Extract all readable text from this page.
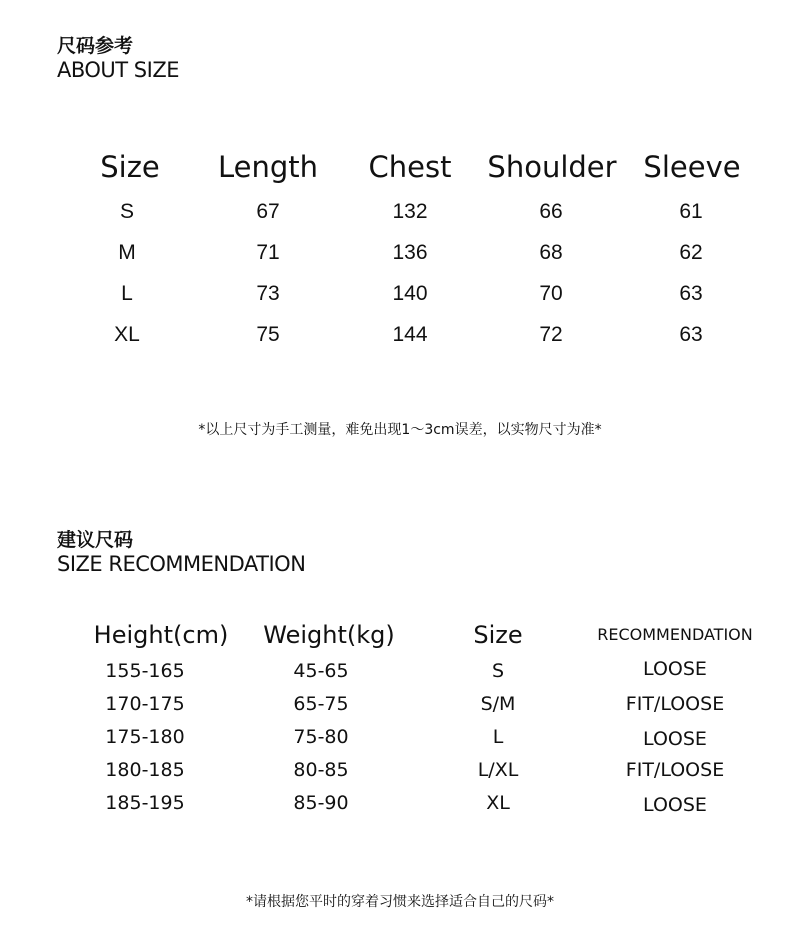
尺码参考
ABOUT SIZE
Size Length Chest Shoulder Sleeve
S	67	132	66	61
M	71	136	68	62
L	73	140	70	63
XL	75	144	72	63
*以上尺寸为手工测量，难免出现1～3cm误差，以实物尺寸为准*
建议尺码
SIZE RECOMMENDATION
Height(cm) Weight(kg)	Size	RECOMMENDATION
155-165	45-65	S	LOOSE
170-175	65-75	S/M	FIT/LOOSE
175-180	75-80	L	LOOSE
180-185	80-85	L/XL	FIT/LOOSE
185-195	85-90	XL	LOOSE
*请根据您平时的穿着习惯来选择适合自己的尺码*
